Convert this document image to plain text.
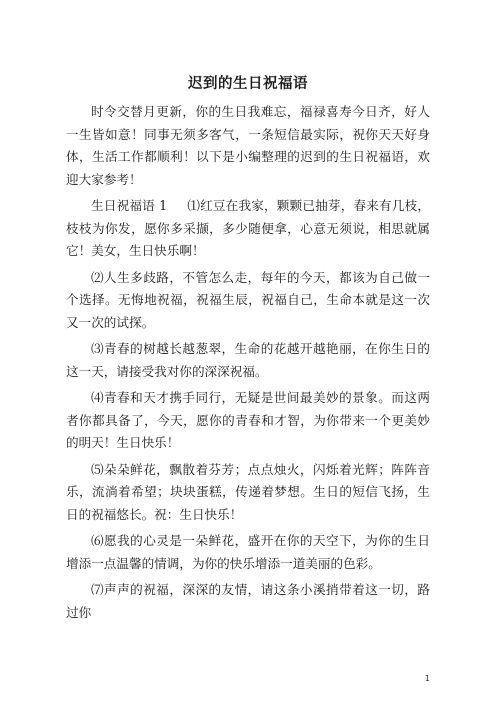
迟到的生日祝福语

时令交替月更新，你的生日我难忘，福禄喜寿今日齐，好人一生皆如意！同事无须多客气，一条短信最实际，祝你天天好身体，生活工作都顺利！以下是小编整理的迟到的生日祝福语，欢迎大家参考！

生日祝福语 1 ⑴红豆在我家，颗颗已抽芽，春来有几枝，枝枝为你发，愿你多采撷，多少随便拿，心意无须说，相思就属它！美女，生日快乐啊！

⑵人生多歧路，不管怎么走，每年的今天，都该为自己做一个选择。无悔地祝福，祝福生辰，祝福自己，生命本就是这一次又一次的试探。

⑶青春的树越长越葱翠，生命的花越开越艳丽，在你生日的这一天，请接受我对你的深深祝福。

⑷青春和天才携手同行，无疑是世间最美妙的景象。而这两者你都具备了，今天，愿你的青春和才智，为你带来一个更美妙的明天！生日快乐！

⑸朵朵鲜花，飘散着芬芳；点点烛火，闪烁着光辉；阵阵音乐，流淌着希望；块块蛋糕，传递着梦想。生日的短信飞扬，生日的祝福悠长。祝：生日快乐！

⑹愿我的心灵是一朵鲜花，盛开在你的天空下，为你的生日增添一点温馨的情调，为你的快乐增添一道美丽的色彩。

⑺声声的祝福，深深的友情，请这条小溪捎带着这一切，路过你

1
